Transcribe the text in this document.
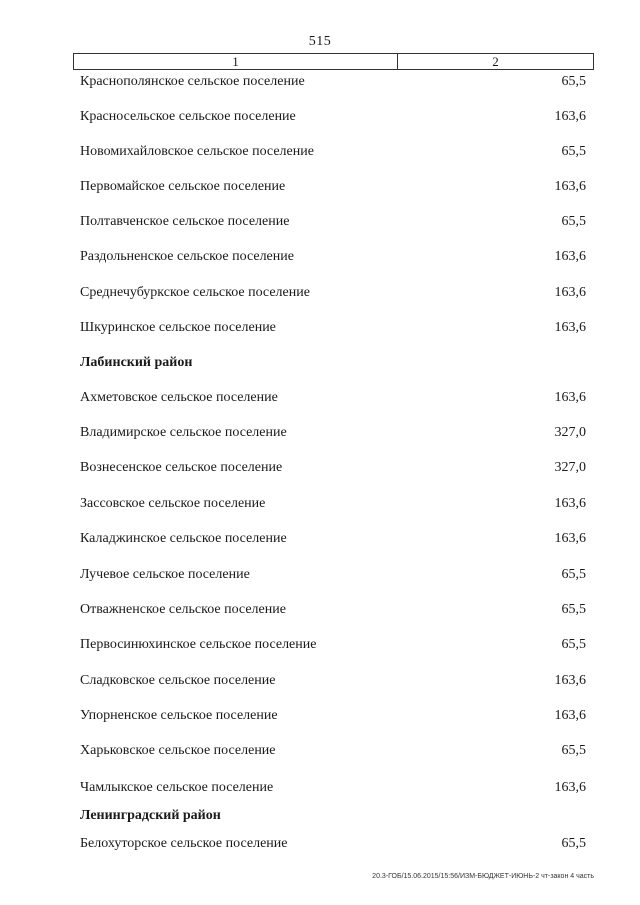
515
1	2
Краснополянское сельское поселение	65,5
Красносельское сельское поселение	163,6
Новомихайловское сельское поселение	65,5
Первомайское сельское поселение	163,6
Полтавченское сельское поселение	65,5
Раздольненское сельское поселение	163,6
Среднечубуркское сельское поселение	163,6
Шкуринское сельское поселение	163,6
Лабинский район
Ахметовское сельское поселение	163,6
Владимирское сельское поселение	327,0
Вознесенское сельское поселение	327,0
Зассовское сельское поселение	163,6
Каладжинское сельское поселение	163,6
Лучевое сельское поселение	65,5
Отважненское сельское поселение	65,5
Первосинюхинское сельское поселение	65,5
Сладковское сельское поселение	163,6
Упорненское сельское поселение	163,6
Харьковское сельское поселение	65,5
Чамлыкское сельское поселение	163,6
Ленинградский район
Белохуторское сельское поселение	65,5
20.3-ГОБ/15.06.2015/15:56/ИЗМ-БЮДЖЕТ-ИЮНЬ-2 чт-закон 4 часть
